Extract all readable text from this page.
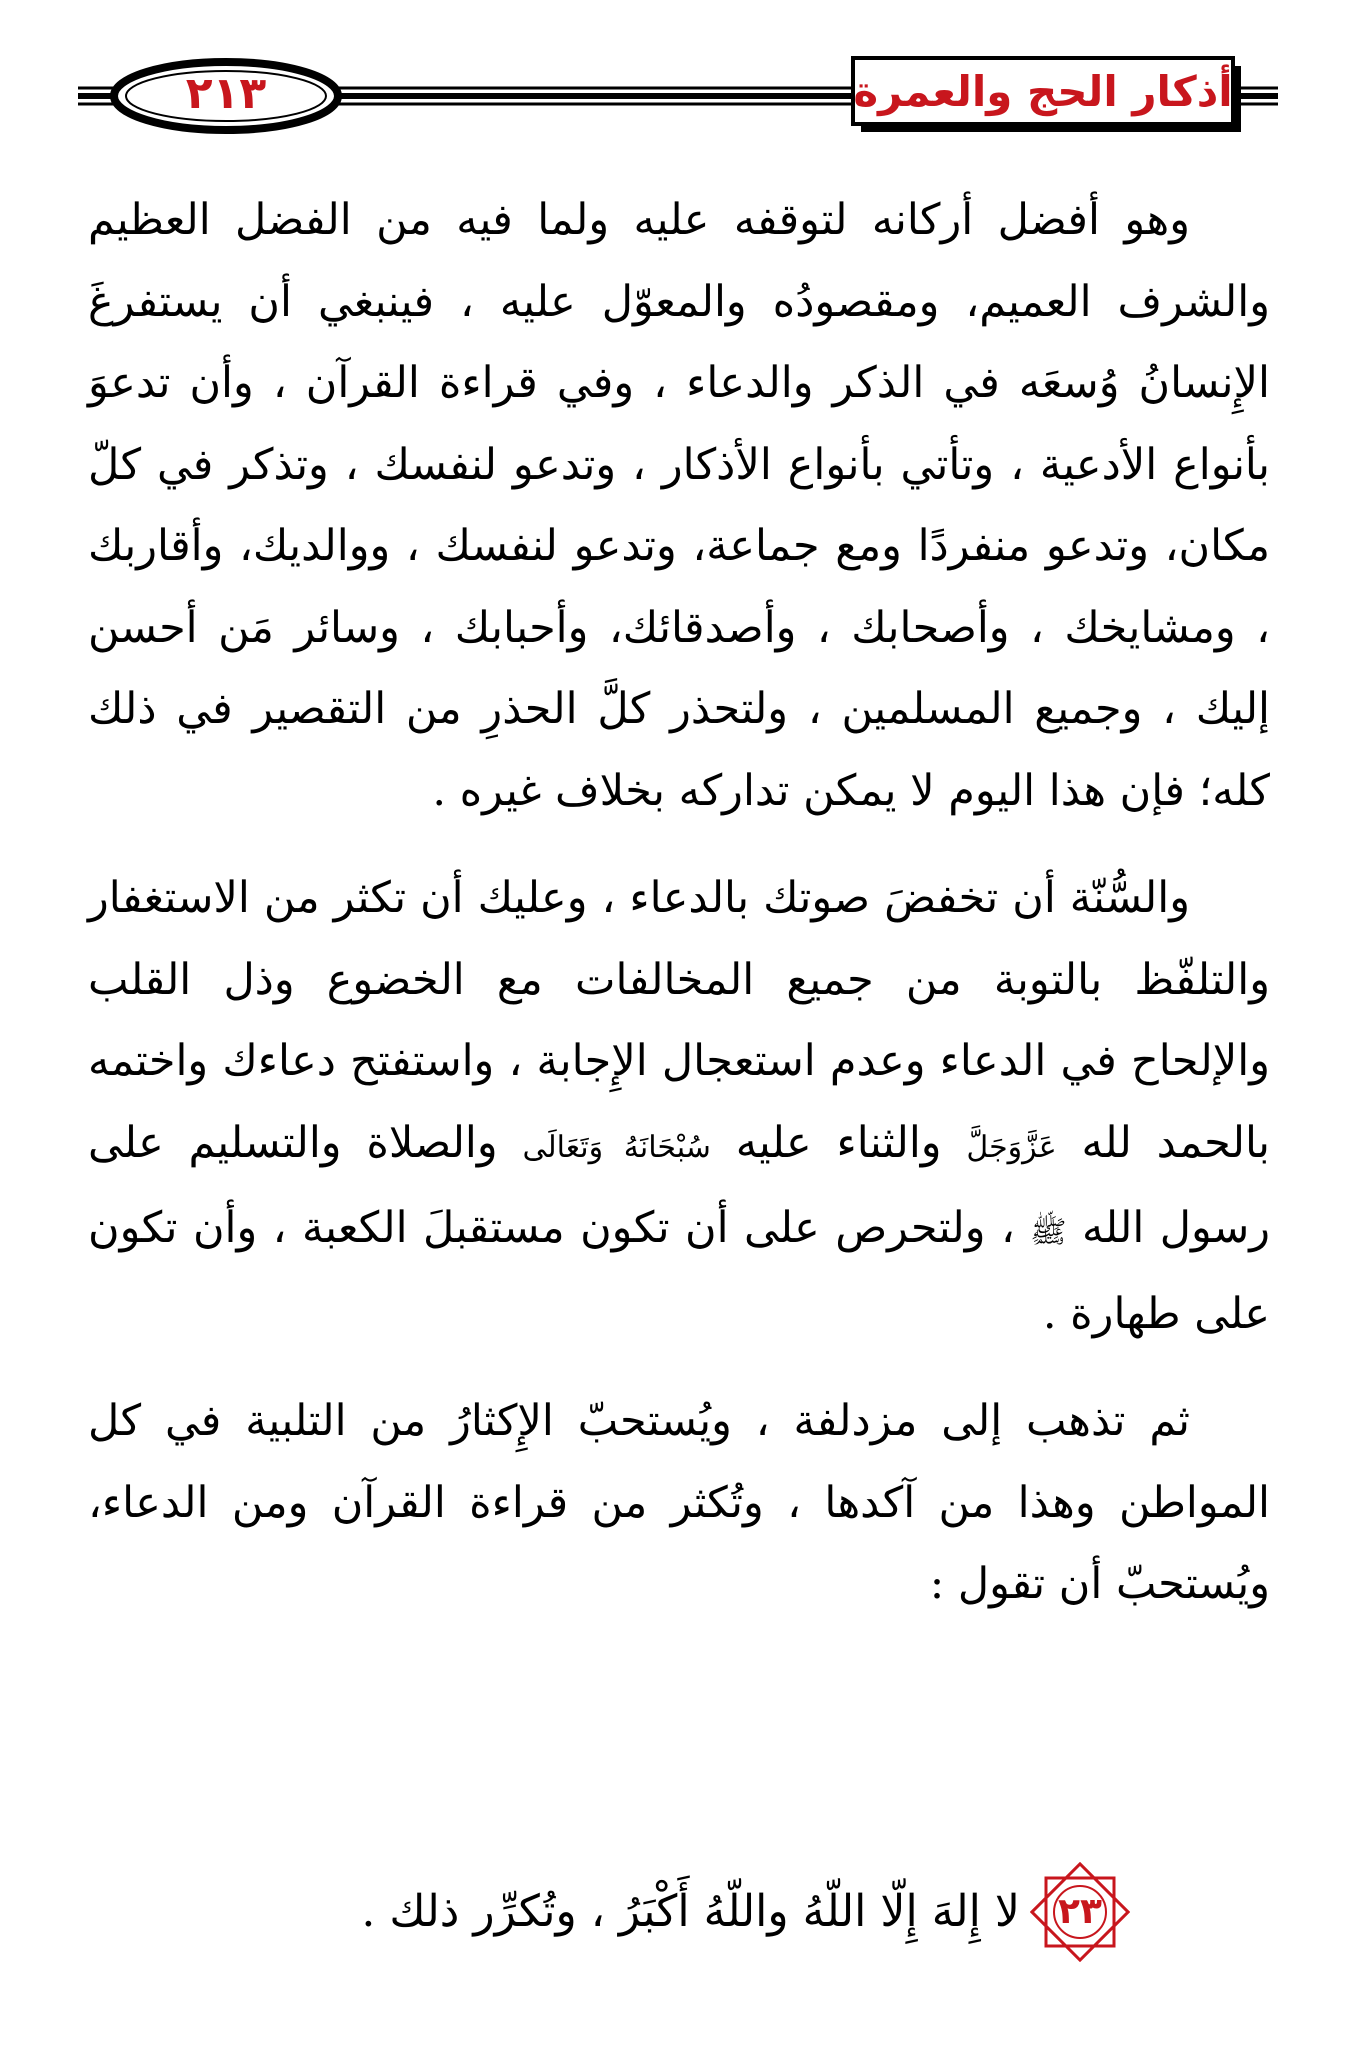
٢١٣	أذكار الحج والعمرة

وهو أفضل أركانه لتوقفه عليه ولما فيه من الفضل العظيم والشرف العميم، ومقصودُه والمعوّل عليه ، فينبغي أن يستفرغَ الإِنسانُ وُسعَه في الذكر والدعاء ، وفي قراءة القرآن ، وأن تدعوَ بأنواع الأدعية ، وتأتي بأنواع الأذكار ، وتدعو لنفسك ، وتذكر في كلّ مكان، وتدعو منفردًا ومع جماعة، وتدعو لنفسك ، ووالديك، وأقاربك ، ومشايخك ، وأصحابك ، وأصدقائك، وأحبابك ، وسائر مَن أحسن إليك ، وجميع المسلمين ، ولتحذر كلَّ الحذرِ من التقصير في ذلك كله؛ فإن هذا اليوم لا يمكن تداركه بخلاف غيره .

والسُّنّة أن تخفضَ صوتك بالدعاء ، وعليك أن تكثر من الاستغفار والتلفّظ بالتوبة من جميع المخالفات مع الخضوع وذل القلب والإلحاح في الدعاء وعدم استعجال الإِجابة ، واستفتح دعاءك واختمه بالحمد لله عَزَّوَجَلَّ والثناء عليه سُبْحَانَهُ وَتَعَالَى والصلاة والتسليم على رسول الله ﷺ ، ولتحرص على أن تكون مستقبلَ الكعبة ، وأن تكون على طهارة .

ثم تذهب إلى مزدلفة ، ويُستحبّ الإِكثارُ من التلبية في كل المواطن وهذا من آكدها ، وتُكثر من قراءة القرآن ومن الدعاء، ويُستحبّ أن تقول :

٢٣
لا إِلهَ إِلّا اللّهُ واللّهُ أَكْبَرُ ، وتُكرِّر ذلك .
